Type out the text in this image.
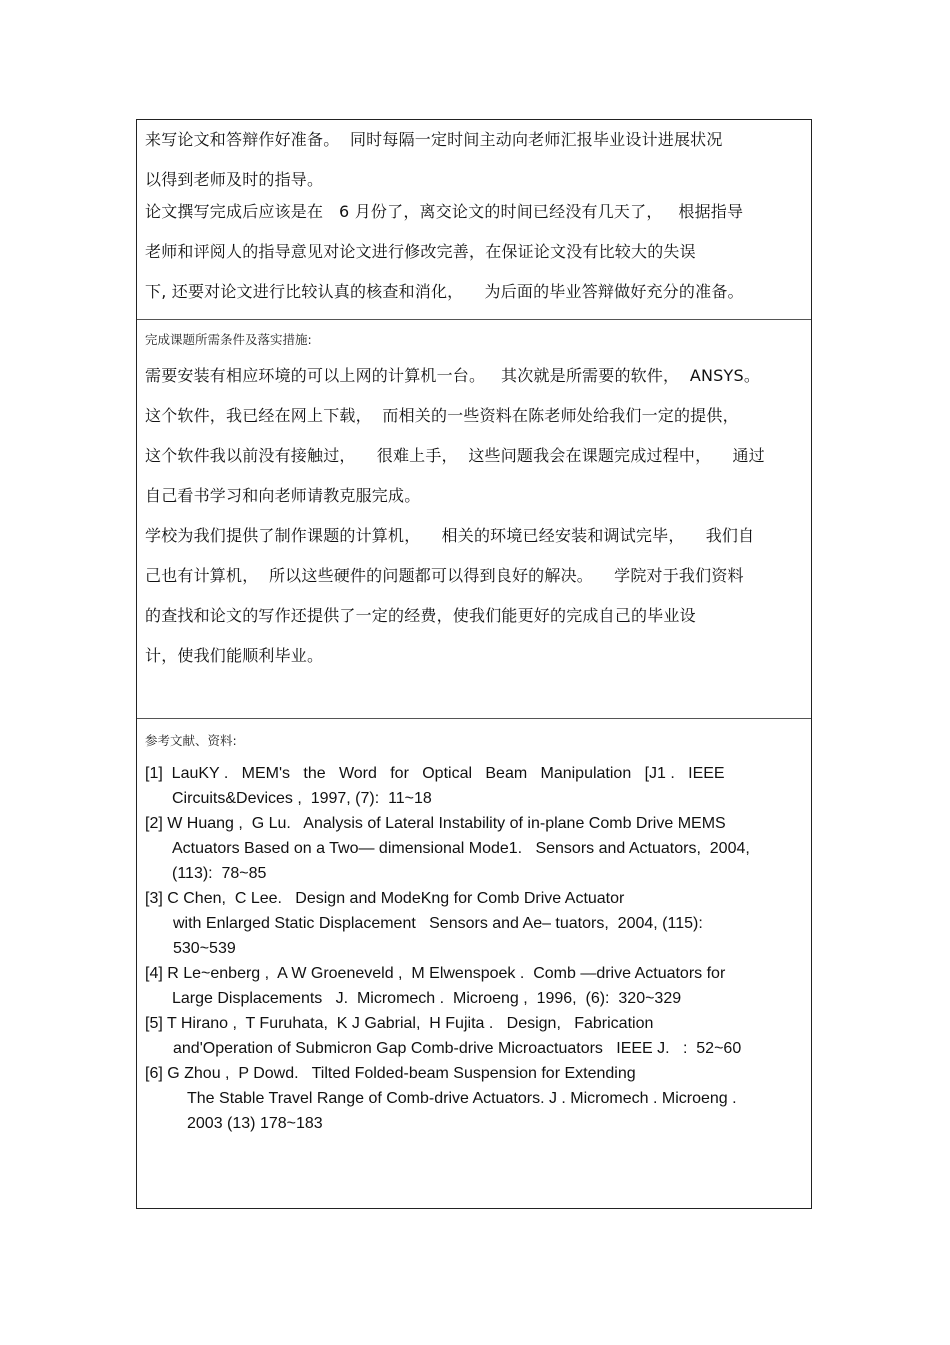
来写论文和答辩作好准备。  同时每隔一定时间主动向老师汇报毕业设计进展状况
以得到老师及时的指导。
论文撰写完成后应该是在   6 月份了，离交论文的时间已经没有几天了，   根据指导
老师和评阅人的指导意见对论文进行修改完善，在保证论文没有比较大的失误
下, 还要对论文进行比较认真的核查和消化，    为后面的毕业答辩做好充分的准备。
完成课题所需条件及落实措施:
需要安装有相应环境的可以上网的计算机一台。   其次就是所需要的软件，  ANSYS。
这个软件，我已经在网上下载，  而相关的一些资料在陈老师处给我们一定的提供，
这个软件我以前没有接触过，    很难上手，  这些问题我会在课题完成过程中，    通过
自己看书学习和向老师请教克服完成。
学校为我们提供了制作课题的计算机，    相关的环境已经安装和调试完毕，    我们自
己也有计算机，  所以这些硬件的问题都可以得到良好的解决。    学院对于我们资料
的查找和论文的写作还提供了一定的经费，使我们能更好的完成自己的毕业设
计，使我们能顺利毕业。
参考文献、资料:
[1]  LauKY .   MEM's   the   Word   for   Optical   Beam   Manipulation   [J1 .   IEEE
Circuits&Devices ,  1997, (7):  11~18
[2] W Huang ,  G Lu.   Analysis of Lateral Instability of in-plane Comb Drive MEMS
Actuators Based on a Two— dimensional Mode1.   Sensors and Actuators,  2004,
(113):  78~85
[3] C Chen,  C Lee.   Design and ModeKng for Comb Drive Actuator
with Enlarged Static Displacement   Sensors and Ae– tuators,  2004, (115):
530~539
[4] R Le~enberg ,  A W Groeneveld ,  M Elwenspoek .  Comb —drive Actuators for
Large Displacements   J.  Micromech .  Microeng ,  1996,  (6):  320~329
[5] T Hirano ,  T Furuhata,  K J Gabrial,  H Fujita .   Design,   Fabrication
and'Operation of Submicron Gap Comb-drive Microactuators   IEEE J.   :  52~60
[6] G Zhou ,  P Dowd.   Tilted Folded-beam Suspension for Extending
The Stable Travel Range of Comb-drive Actuators. J . Micromech . Microeng .
2003 (13) 178~183
